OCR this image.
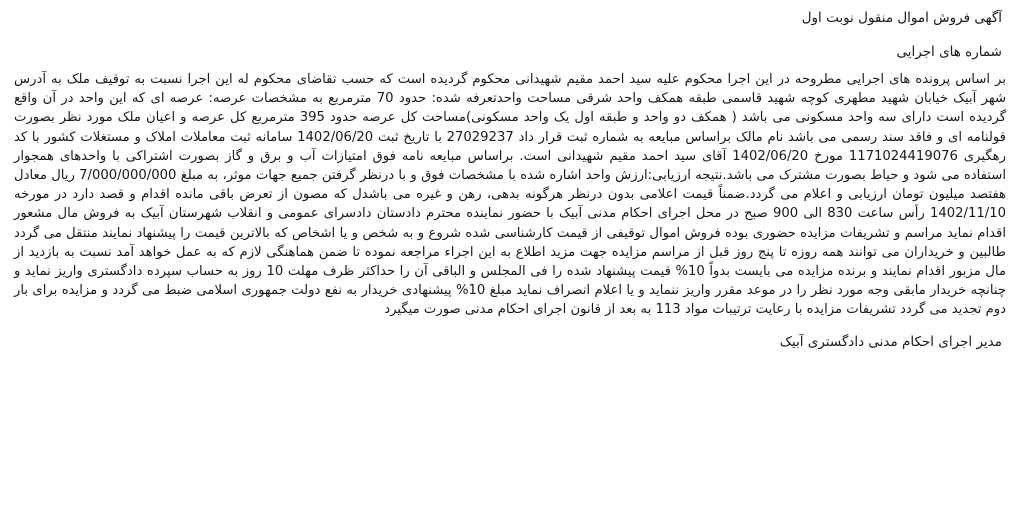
آگهی فروش اموال منقول نوبت اول
شماره های اجرایی

بر اساس پرونده های اجرایی مطروحه در این اجرا محکوم علیه سید احمد مقیم شهیدانی محکوم گردیده است که حسب تقاضای محکوم له این اجرا نسبت به توقیف ملک به آدرس شهر آبیک خیابان شهید مطهری کوچه شهید قاسمی طبقه همکف واحد شرقی مساحت واحدتعرفه شده: حدود 70 مترمربع به مشخصات عرصه: عرصه ای که این واحد در آن واقع گردیده است دارای سه واحد مسکونی می باشد ( همکف دو واحد و طبقه اول یک واحد مسکونی)مساحت کل عرصه حدود 395 مترمربع کل عرصه و اعیان ملک مورد نظر بصورت قولنامه ای و فاقد سند رسمی می باشد نام مالک براساس مبایعه به شماره ثبت قرار داد 27029237 با تاریخ ثبت 1402/06/20 سامانه ثبت معاملات املاک و مستغلات کشور با کد رهگیری 1171024419076 مورخ 1402/06/20 آقای سید احمد مقیم شهیدانی است. براساس مبایعه نامه فوق امتیازات آب و برق و گاز بصورت اشتراکی با واحدهای همجوار استفاده می شود و حیاط بصورت مشترک می باشد.نتیجه ارزیابی:ارزش واحد اشاره شده با مشخصات فوق و با درنظر گرفتن جمیع جهات موثر، به مبلغ 7/000/000/000 ریال معادل هفتصد میلیون تومان ارزیابی و اعلام می گردد.ضمناً قیمت اعلامی بدون درنظر هرگونه بدهی، رهن و غیره می باشدل که مصون از تعرض باقی مانده اقدام و قصد دارد در مورخه 1402/11/10 رأس ساعت 830 الی 900 صبح در محل اجرای احکام مدنی آبیک با حضور نماینده محترم دادستان دادسرای عمومی و انقلاب شهرستان آبیک به فروش مال مشعور اقدام نماید مراسم و تشریفات مزایده حضوری بوده فروش اموال توقیفی از قیمت کارشناسی شده شروع و به شخص و یا اشخاص که بالاترین قیمت را پیشنهاد نمایند منتقل می گردد طالبین و خریداران می توانند همه روزه تا پنج روز قبل از مراسم مزایده جهت مزید اطلاع به این اجراء مراجعه نموده تا ضمن هماهنگی لازم که به عمل خواهد آمد نسبت به بازدید از مال مزبور اقدام نمایند و برنده مزایده می بایست بدواً 10% قیمت پیشنهاد شده را فی المجلس و الباقی آن را حداکثر ظرف مهلت 10 روز به حساب سپرده دادگستری واریز نماید و چنانچه خریدار مابقی وجه مورد نظر را در موعد مقرر واریز ننماید و یا اعلام انصراف نماید مبلغ 10% پیشنهادی خریدار به نفع دولت جمهوری اسلامی ضبط می گردد و مزایده برای بار دوم تجدید می گردد تشریفات مزایده با رعایت ترتیبات مواد 113 به بعد از قانون اجرای احکام مدنی صورت میگیرد

مدیر اجرای احکام مدنی دادگستری آبیک
